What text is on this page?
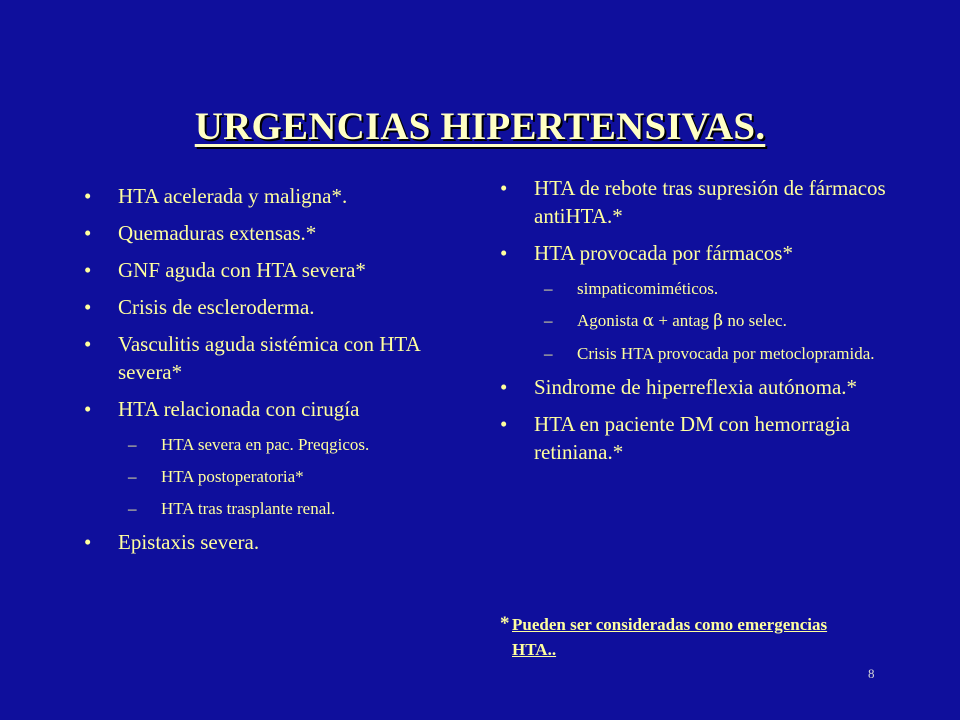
URGENCIAS HIPERTENSIVAS.
• HTA acelerada y maligna*.
• Quemaduras extensas.*
• GNF aguda con HTA severa*
• Crisis de escleroderma.
• Vasculitis aguda sistémica con HTA severa*
• HTA relacionada con cirugía
– HTA severa en pac. Preqgicos.
– HTA postoperatoria*
– HTA tras trasplante renal.
• Epistaxis severa.
• HTA de rebote tras supresión de fármacos antiHTA.*
• HTA provocada por fármacos*
– simpaticomiméticos.
– Agonista α + antag β no selec.
– Crisis HTA provocada por metoclopramida.
• Sindrome de hiperreflexia autónoma.*
• HTA en paciente DM con hemorragia retiniana.*
* Pueden ser consideradas como emergencias HTA..
8
